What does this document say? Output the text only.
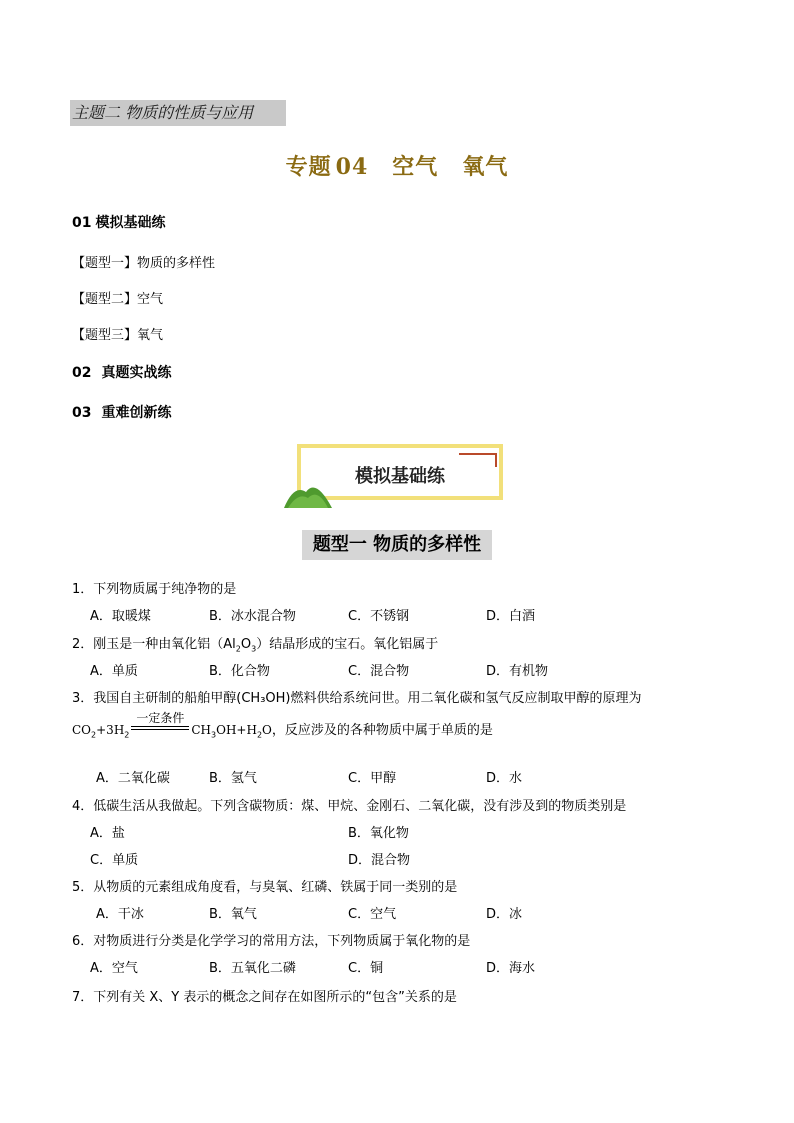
主题二 物质的性质与应用
专题 04 空气 氧气
01 模拟基础练
【题型一】物质的多样性
【题型二】空气
【题型三】氧气
02 真题实战练
03 重难创新练
模拟基础练
题型一 物质的多样性
1．下列物质属于纯净物的是
A．取暖煤	B．冰水混合物	C．不锈钢	D．白酒
2．刚玉是一种由氧化铝$(Al_2O_3)$结晶形成的宝石。氧化铝属于
A．单质	B．化合物	C．混合物	D．有机物
3．我国自主研制的船舶甲醇(CH₃OH)燃料供给系统问世。用二氧化碳和氢气反应制取甲醇的原理为
$CO_2+3H_2$
一定条件
$CH_3OH+H_2O$，反应涉及的各种物质中属于单质的是
A．二氧化碳	B．氢气	C．甲醇	D．水
4．低碳生活从我做起。下列含碳物质：煤、甲烷、金刚石、二氧化碳，没有涉及到的物质类别是
A．盐	B．氧化物
C．单质	D．混合物
5．从物质的元素组成角度看，与臭氧、红磷、铁属于同一类别的是
A．干冰	B．氧气	C．空气	D．冰
6．对物质进行分类是化学学习的常用方法，下列物质属于氧化物的是
A．空气	B．五氧化二磷	C．铜	D．海水
7．下列有关 X、Y 表示的概念之间存在如图所示的“包含”关系的是
